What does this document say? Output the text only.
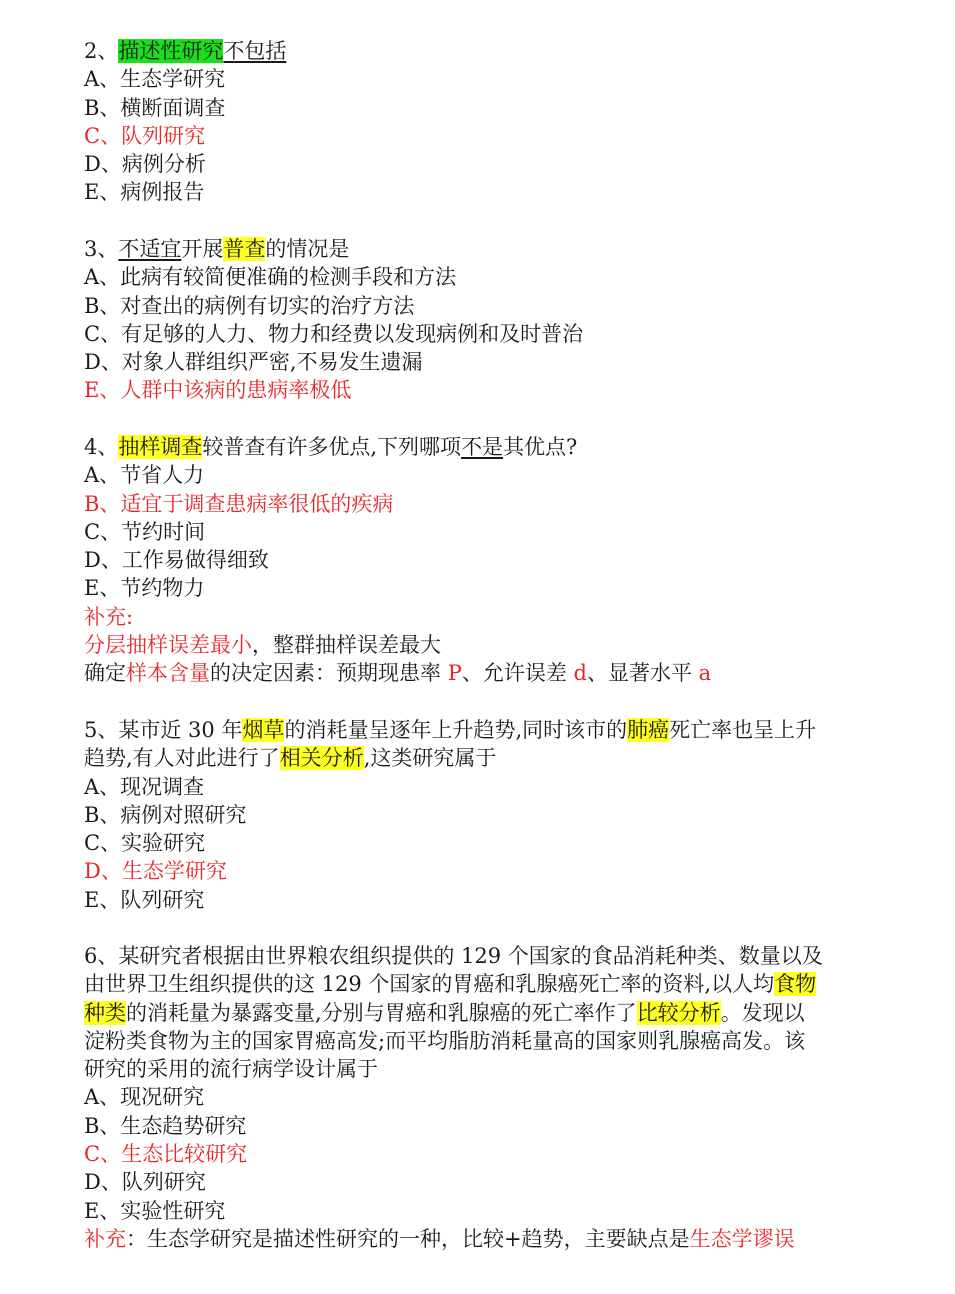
2、描述性研究不包括
A、生态学研究
B、横断面调查
C、队列研究
D、病例分析
E、病例报告
3、不适宜开展普查的情况是
A、此病有较简便准确的检测手段和方法
B、对查出的病例有切实的治疗方法
C、有足够的人力、物力和经费以发现病例和及时普治
D、对象人群组织严密,不易发生遗漏
E、人群中该病的患病率极低
4、抽样调查较普查有许多优点,下列哪项不是其优点?
A、节省人力
B、适宜于调查患病率很低的疾病
C、节约时间
D、工作易做得细致
E、节约物力
补充:
分层抽样误差最小，整群抽样误差最大
确定样本含量的决定因素：预期现患率 P、允许误差 d、显著水平 a
5、某市近 30 年烟草的消耗量呈逐年上升趋势,同时该市的肺癌死亡率也呈上升
趋势,有人对此进行了相关分析,这类研究属于
A、现况调查
B、病例对照研究
C、实验研究
D、生态学研究
E、队列研究
6、某研究者根据由世界粮农组织提供的 129 个国家的食品消耗种类、数量以及
由世界卫生组织提供的这 129 个国家的胃癌和乳腺癌死亡率的资料,以人均食物
种类的消耗量为暴露变量,分别与胃癌和乳腺癌的死亡率作了比较分析。发现以
淀粉类食物为主的国家胃癌高发;而平均脂肪消耗量高的国家则乳腺癌高发。该
研究的采用的流行病学设计属于
A、现况研究
B、生态趋势研究
C、生态比较研究
D、队列研究
E、实验性研究
补充：生态学研究是描述性研究的一种，比较+趋势，主要缺点是生态学谬误
